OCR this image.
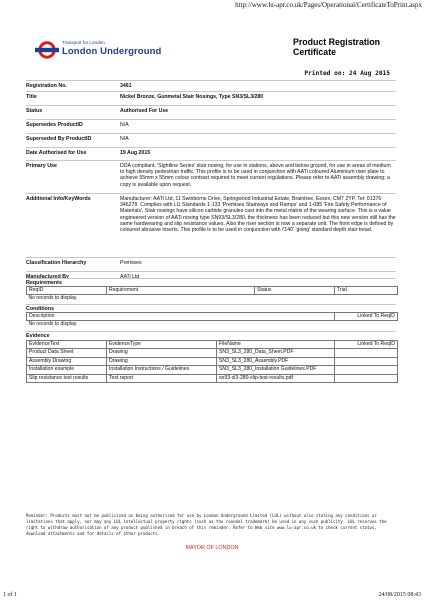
http://www.lu-apr.co.uk/Pages/Operational/CertificateToPrint.aspx
Transport for London
London Underground
Product Registration
Certificate
Printed on: 24 Aug 2015
Registration No.	3461
Title	Nickel Bronze, Gunmetal Stair Nosings, Type SN3/SL3/280
Status	Authorised For Use
Supersedes ProductID	N/A
Superseded By ProductID	N/A
Date Authorised for Use	19 Aug 2015
Primary Use	DDA compliant, 'Sightline Series' stair nosing, for use in stations, above and below ground, for use in areas of medium to high density pedestrian traffic. This profile is to be used in conjunction with AATi coloured Aluminium riser plate to achieve 55mm x 55mm colour contrast required to meet current regulations. Please refer to AATi assembly drawing; a copy is available upon request.
Additional Info/KeyWords	Manufacturer: AATi Ltd, 11 Swinborne Drive, Springwood Industrial Estate, Braintree, Essex, CM7 2YP. Tel: 01376 346278. Complies with LU Standards 1-133 'Premises Stairways and Ramps' and 1-085 'Fire Safety Performance of Materials'. Stair nosings have silicon carbide granules cast into the metal matrix of the wearing surface. This is a value engineered version of AATi nosing type SN93/SL3/280, the thickness has been reduced but this new version still has the same hardwearing and slip resistance values. Also the riser section is now a separate unit. The front edge is defined by coloured abrasive inserts. This profile is to be used in conjunction with /'140' 'going' standard depth stair tread.
Classification Hierarchy	Premises
Manufactured By	AATi Ltd
Requirements
ReqID	Requirement	Status	Trial
No records to display.
Conditions
Description	Linked To ReqID
No records to display.
Evidence
EvidenceText	EvidenceType	FileName	Linked To ReqID
Product Data Sheet	Drawing	SN3_SL3_280_Data_Sheet.PDF	
Assembly Drawing	Drawing	SN3_SL3_280_Assembly.PDF	
Installation example	Installation Instructions / Guidelines	SN3_SL3_280_Installation Guidelines.PDF	
Slip resistance test results	Test report	sn93-sl3-280-slip-test-results.pdf	
Reminder: Products must not be publicised as being authorised for use by London Underground Limited (LUL) without also stating any conditions or limitations that apply, nor may any LUL intellectual property rights (such as the roundel trademark) be used in any such publicity. LUL reserves the right to withdraw authorisation of any product published in breach of this reminder. Refer to Web site www.lu-apr.co.uk to check current status, download attachments and for details of other products.
MAYOR OF LONDON
1 of 1	24/08/2015 08:43
